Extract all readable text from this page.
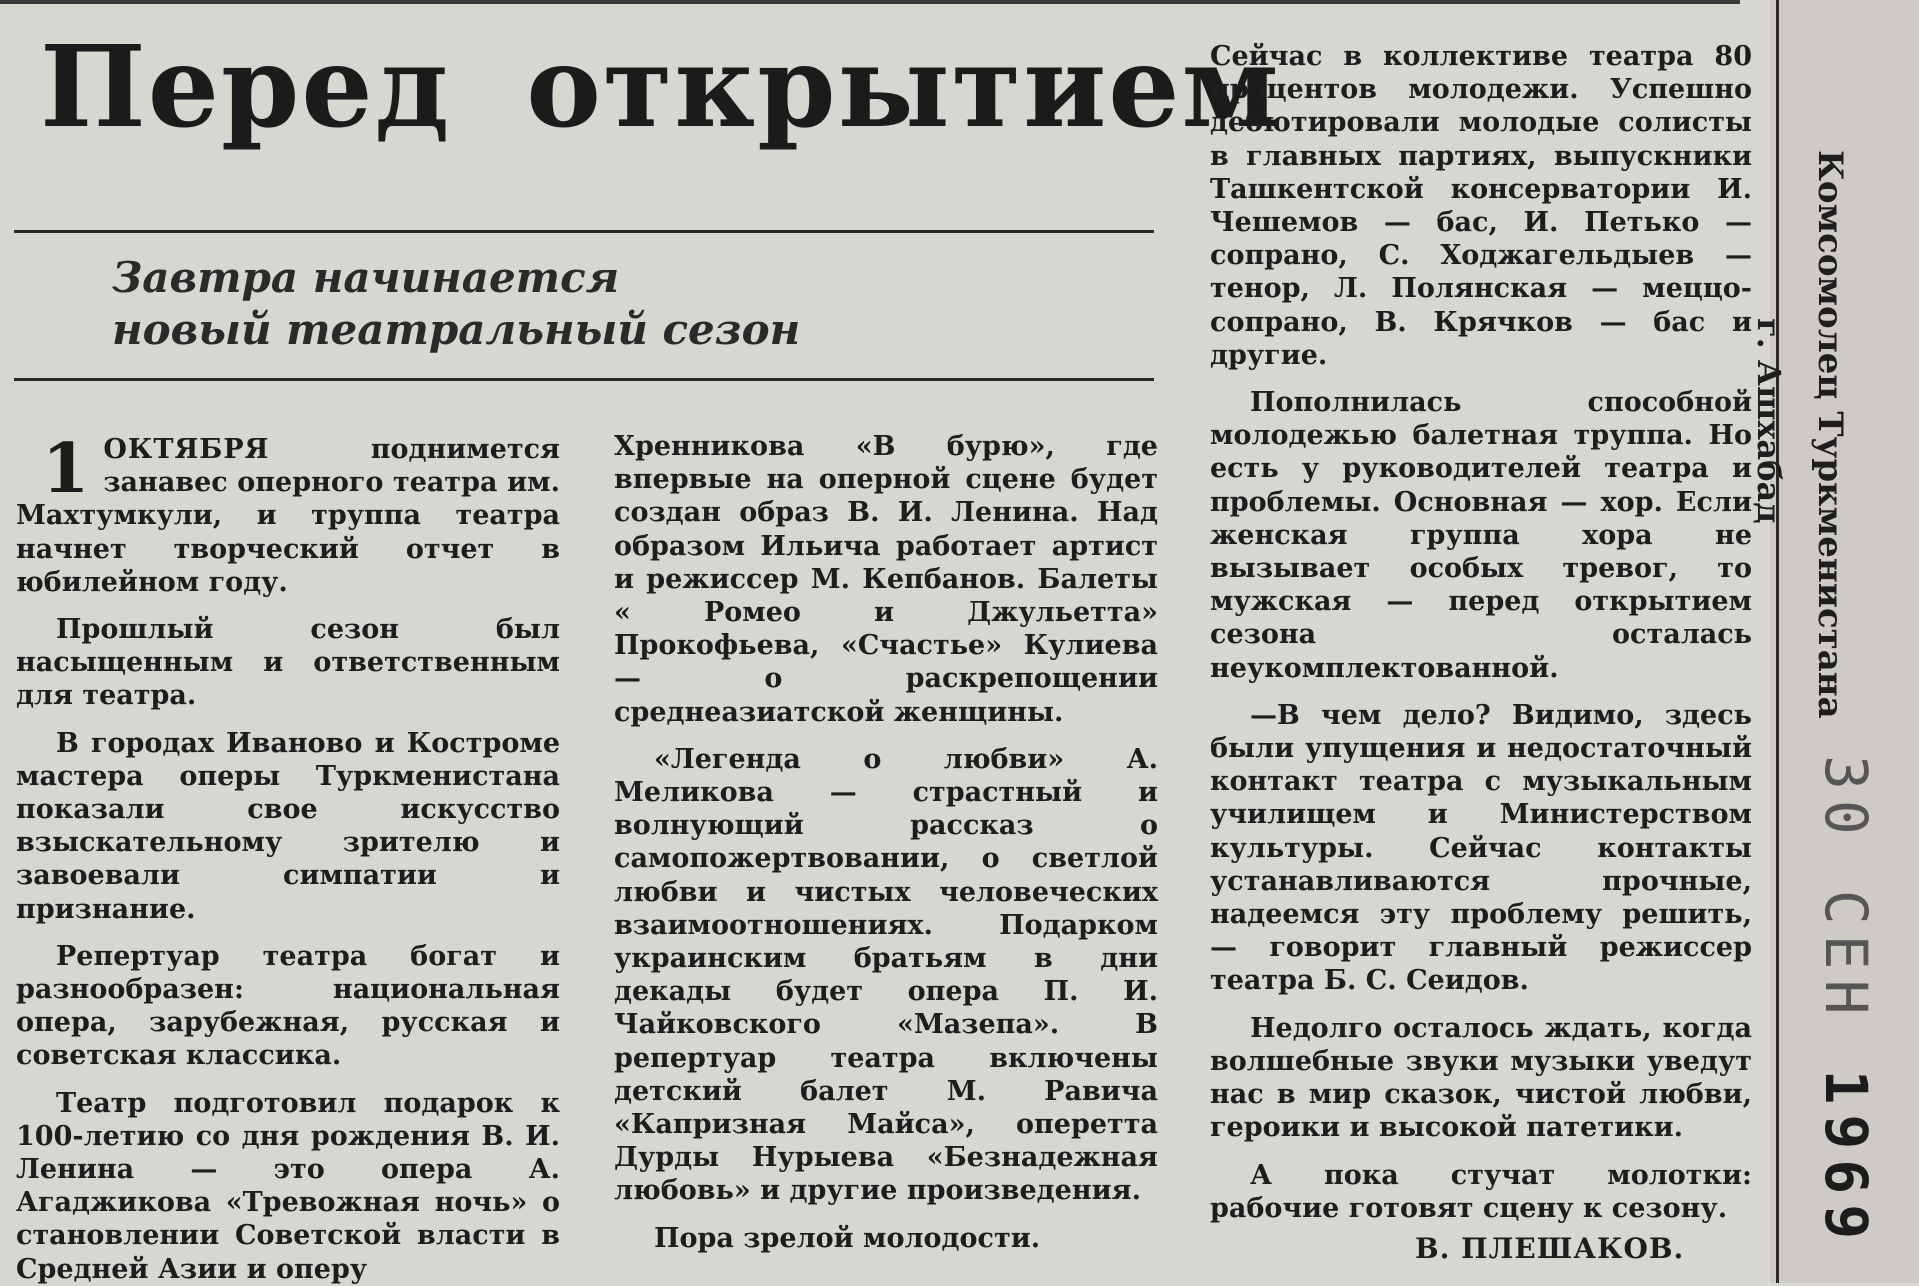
Перед открытием
Завтра начинается
новый театральный сезон

1 ОКТЯБРЯ	поднимется занавес оперного театра им. Махтумкули, и труппа театра начнет творческий отчет в юбилейном году.

Прошлый сезон был насыщенным и ответственным для театра.

В городах Иваново и Костроме мастера оперы Туркменистана показали свое искусство взыскательному зрителю и завоевали симпатии и признание.

Репертуар театра богат и разнообразен: национальная опера, зарубежная, русская и советская классика.

Театр подготовил подарок к 100-летию со дня рождения В. И. Ленина — это опера А. Агаджикова «Тревожная ночь» о становлении Советской власти в Средней Азии и оперу

Хренникова «В бурю», где впервые на оперной сцене будет создан образ В. И. Ленина. Над образом Ильича работает артист и режиссер М. Кепбанов. Балеты « Ромео и Джульетта» Прокофьева, «Счастье» Кулиева — о раскрепощении среднеазиатской женщины.

«Легенда о любви» А. Меликова — страстный и волнующий рассказ о самопожертвовании, о светлой любви и чистых человеческих взаимоотношениях. Подарком украинским братьям в дни декады будет опера П. И. Чайковского «Мазепа». В репертуар театра включены детский балет М. Равича «Капризная Майса», оперетта Дурды Нурыева «Безнадежная любовь» и другие произведения.

Пора зрелой молодости.

Сейчас в коллективе театра 80 процентов молодежи. Успешно дебютировали молодые солисты в главных партиях, выпускники Ташкентской консерватории И. Чешемов — бас, И. Петько — сопрано, С. Ходжагельдыев — тенор, Л. Полянская — меццо-сопрано, В. Крячков — бас и другие.

Пополнилась способной молодежью балетная труппа. Но есть у руководителей театра и проблемы. Основная — хор. Если женская группа хора не вызывает особых тревог, то мужская — перед открытием сезона осталась неукомплектованной.

—В чем дело? Видимо, здесь были упущения и недостаточный контакт театра с музыкальным училищем и Министерством культуры. Сейчас контакты устанавливаются прочные, надеемся эту проблему решить, — говорит главный режиссер театра Б. С. Сеидов.

Недолго осталось ждать, когда волшебные звуки музыки уведут нас в мир сказок, чистой любви, героики и высокой патетики.

А пока стучат молотки: рабочие готовят сцену к сезону.

В. ПЛЕШАКОВ.
Комсомолец Туркменистана
г. Ашхабад
30 СЕН 1969
